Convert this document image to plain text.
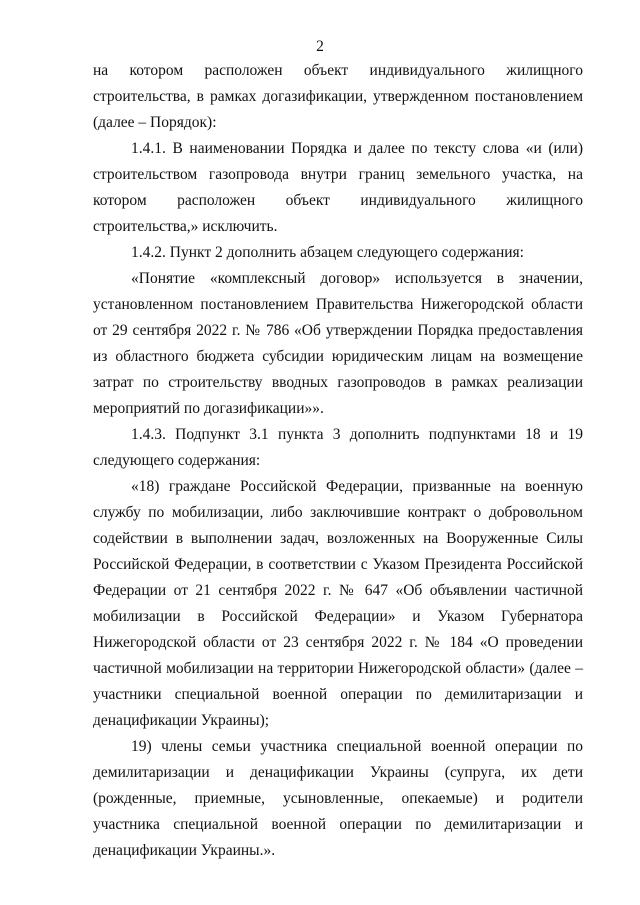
2

на котором расположен объект индивидуального жилищного строительства, в рамках догазификации, утвержденном постановлением (далее – Порядок):

1.4.1. В наименовании Порядка и далее по тексту слова «и (или) строительством газопровода внутри границ земельного участка, на котором расположен объект индивидуального жилищного строительства,» исключить.

1.4.2. Пункт 2 дополнить абзацем следующего содержания:

«Понятие «комплексный договор» используется в значении, установленном постановлением Правительства Нижегородской области от 29 сентября 2022 г. № 786 «Об утверждении Порядка предоставления из областного бюджета субсидии юридическим лицам на возмещение затрат по строительству вводных газопроводов в рамках реализации мероприятий по догазификации»».

1.4.3. Подпункт 3.1 пункта 3 дополнить подпунктами 18 и 19 следующего содержания:

«18) граждане Российской Федерации, призванные на военную службу по мобилизации, либо заключившие контракт о добровольном содействии в выполнении задач, возложенных на Вооруженные Силы Российской Федерации, в соответствии с Указом Президента Российской Федерации от 21 сентября 2022 г. № 647 «Об объявлении частичной мобилизации в Российской Федерации» и Указом Губернатора Нижегородской области от 23 сентября 2022 г. № 184 «О проведении частичной мобилизации на территории Нижегородской области» (далее – участники специальной военной операции по демилитаризации и денацификации Украины);

19) члены семьи участника специальной военной операции по демилитаризации и денацификации Украины (супруга, их дети (рожденные, приемные, усыновленные, опекаемые) и родители участника специальной военной операции по демилитаризации и денацификации Украины.».
